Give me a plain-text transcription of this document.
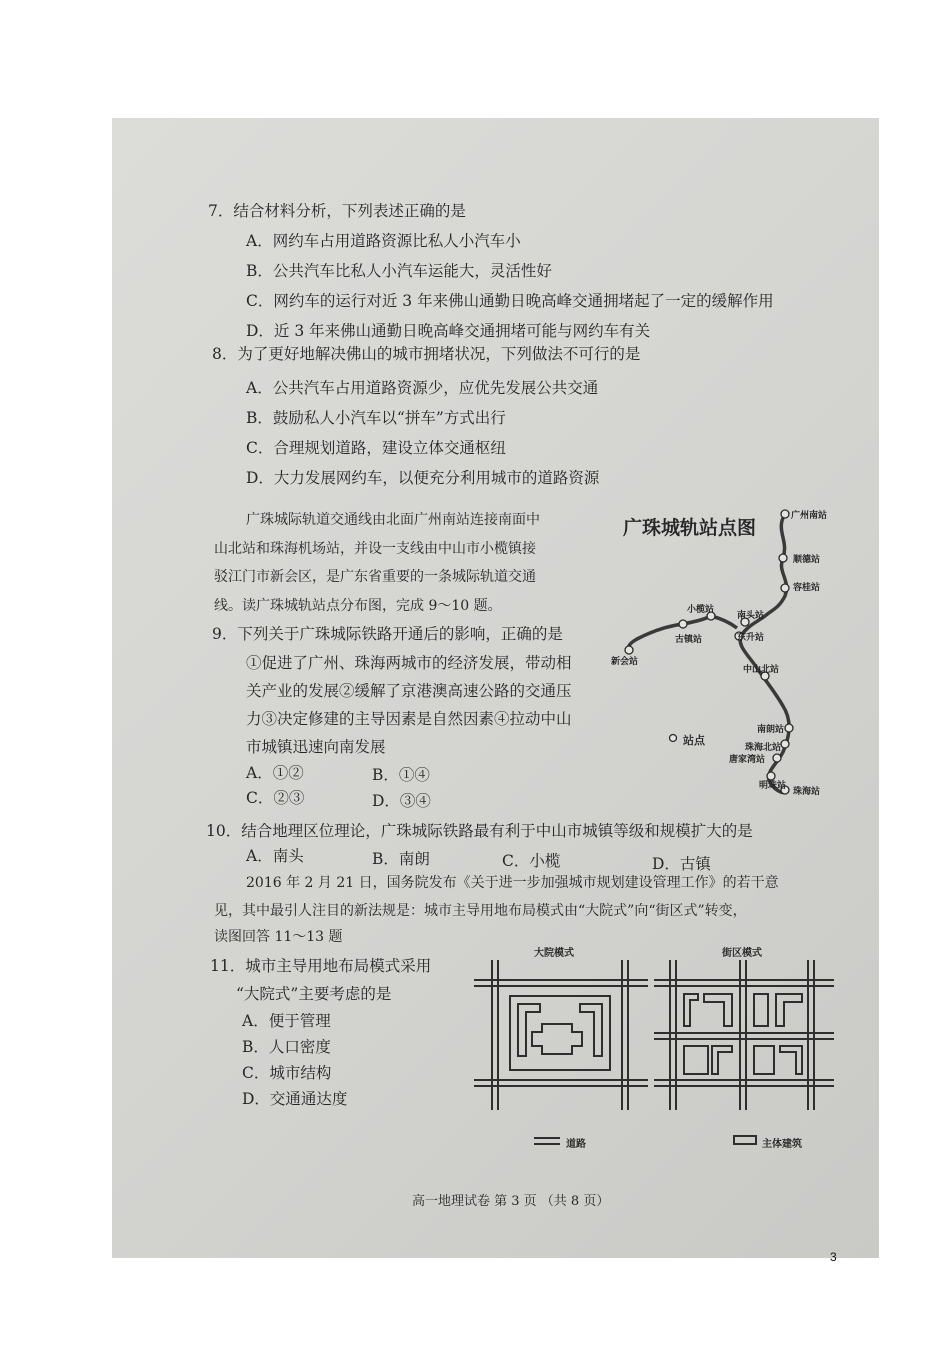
7．结合材料分析，下列表述正确的是
A．网约车占用道路资源比私人小汽车小
B．公共汽车比私人小汽车运能大，灵活性好
C．网约车的运行对近 3 年来佛山通勤日晚高峰交通拥堵起了一定的缓解作用
D．近 3 年来佛山通勤日晚高峰交通拥堵可能与网约车有关
8．为了更好地解决佛山的城市拥堵状况，下列做法不可行的是
A．公共汽车占用道路资源少，应优先发展公共交通
B．鼓励私人小汽车以“拼车”方式出行
C．合理规划道路，建设立体交通枢纽
D．大力发展网约车，以便充分利用城市的道路资源
广珠城际轨道交通线由北面广州南站连接南面中
山北站和珠海机场站，并设一支线由中山市小榄镇接
驳江门市新会区，是广东省重要的一条城际轨道交通
线。读广珠城轨站点分布图，完成 9～10 题。
9．下列关于广珠城际铁路开通后的影响，正确的是
①促进了广州、珠海两城市的经济发展，带动相
关产业的发展②缓解了京港澳高速公路的交通压
力③决定修建的主导因素是自然因素④拉动中山
市城镇迅速向南发展
A．①②	B．①④
C．②③	D．③④
10．结合地理区位理论，广珠城际铁路最有利于中山市城镇等级和规模扩大的是
A．南头	B．南朗	C．小榄	D．古镇
2016 年 2 月 21 日，国务院发布《关于进一步加强城市规划建设管理工作》的若干意
见，其中最引人注目的新法规是：城市主导用地布局模式由“大院式”向“街区式”转变，
读图回答 11～13 题
11．城市主导用地布局模式采用
“大院式”主要考虑的是
A．便于管理
B．人口密度
C．城市结构
D．交通通达度
广珠城轨站点图
广州南站
顺德站
容桂站
小榄站
南头站
古镇站	东升站
新会站
中山北站
南朗站
珠海北站
唐家湾站
明珠站
珠海站
站点
大院模式	街区模式
道路	主体建筑
高一地理试卷 第 3 页 （共 8 页）
3
